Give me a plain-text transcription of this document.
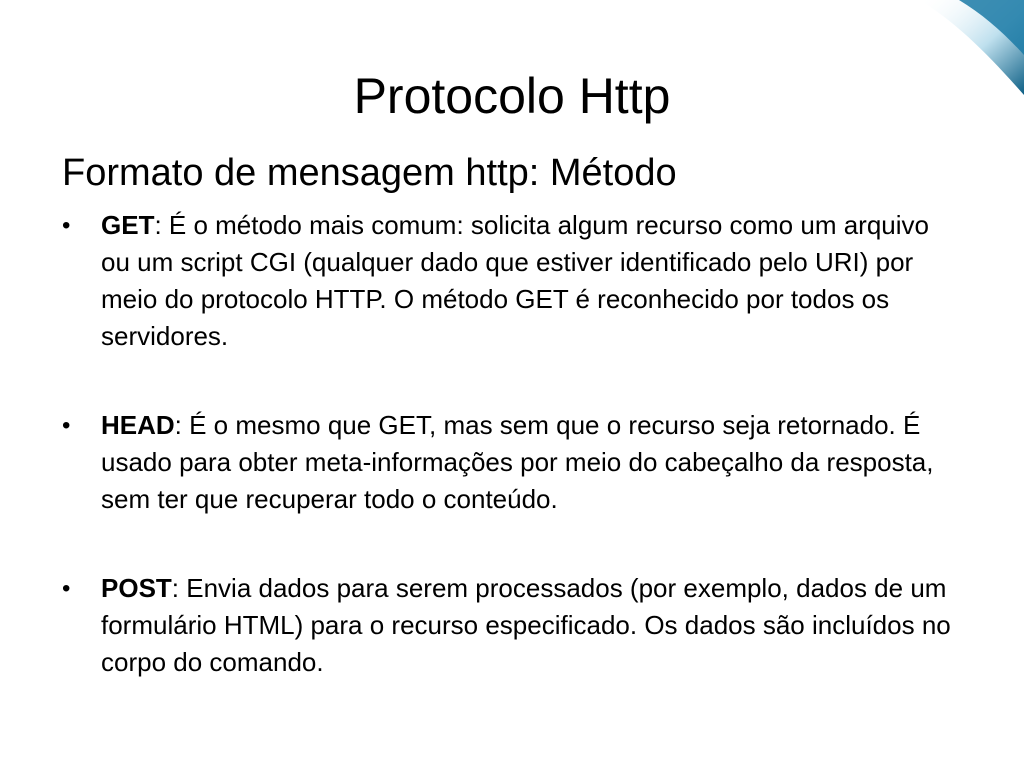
Protocolo Http
Formato de mensagem http: Método
•	GET: É o método mais comum: solicita algum recurso como um arquivo ou um script CGI (qualquer dado que estiver identificado pelo URI) por meio do protocolo HTTP. O método GET é reconhecido por todos os servidores.
•	HEAD: É o mesmo que GET, mas sem que o recurso seja retornado. É usado para obter meta-informações por meio do cabeçalho da resposta, sem ter que recuperar todo o conteúdo.
•	POST: Envia dados para serem processados (por exemplo, dados de um formulário HTML) para o recurso especificado. Os dados são incluídos no corpo do comando.
